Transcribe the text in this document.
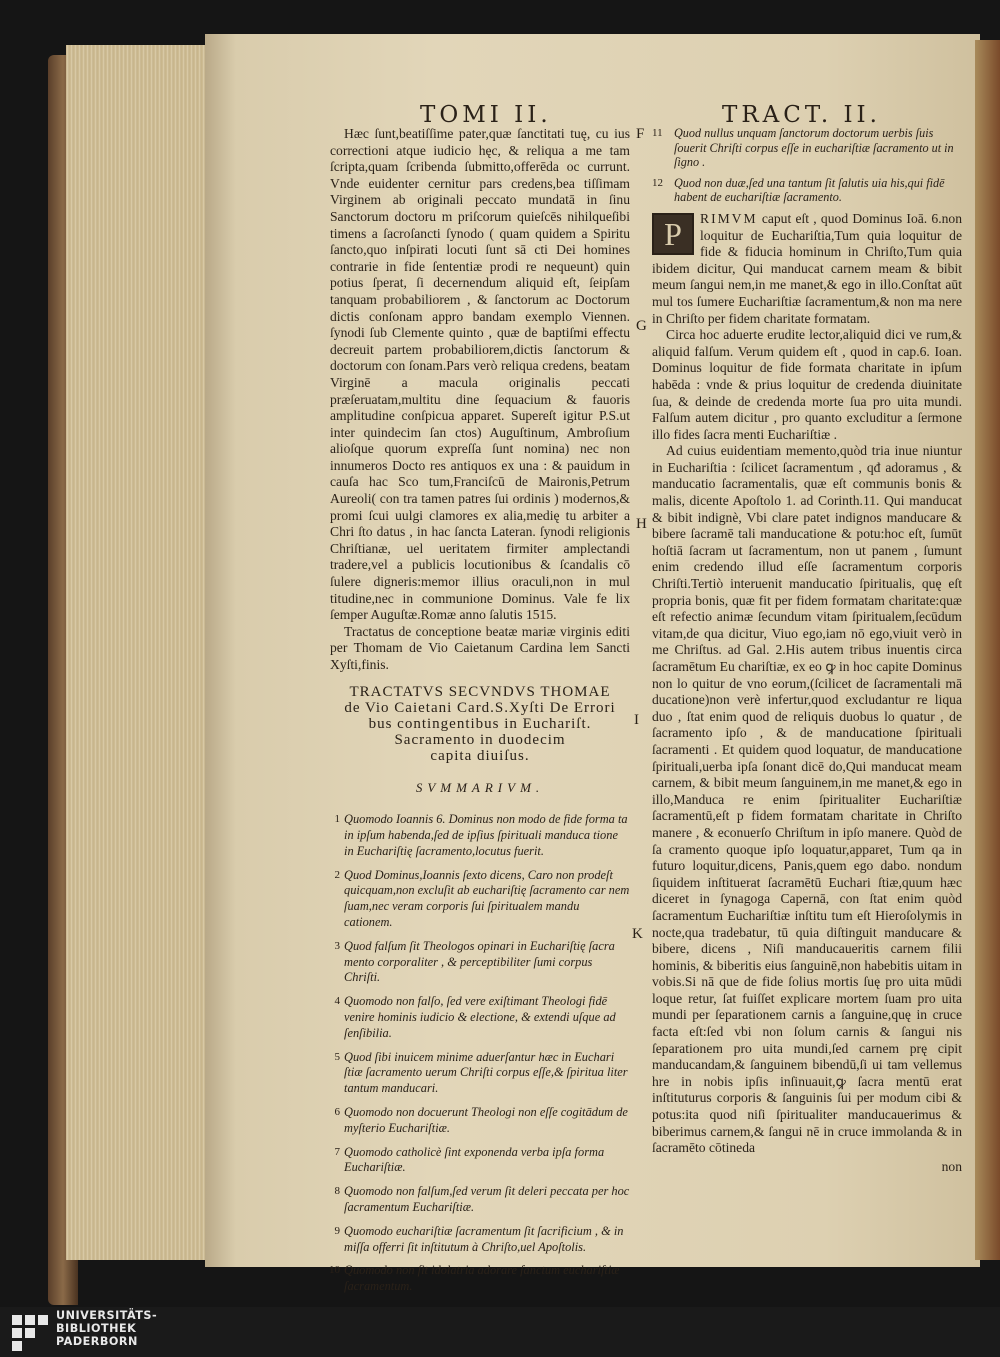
TOMI II.	TRACT. II.
F
G
H
I
K

Hæc ſunt,beatiſſime pater,quæ ſanctitati tuę, cu ius correctioni atque iudicio hęc, & reliqua a me tam ſcripta,quam ſcribenda ſubmitto,offerēda oc currunt. Vnde euidenter cernitur pars credens,bea tiſſimam Virginem ab originali peccato mundatā in ſinu Sanctorum doctoru m priſcorum quieſcēs nihilqueſibi timens a ſacroſancti ſynodo ( quam quidem a Spiritu ſancto,quo inſpirati locuti ſunt sā cti Dei homines contrarie in fide ſententiæ prodi re nequeunt) quin potius ſperat, ſi decernendum aliquid eſt, ſeipſam tanquam probabiliorem , & ſanctorum ac Doctorum dictis conſonam appro bandam exemplo Viennen. ſynodi ſub Clemente quinto , quæ de baptiſmi effectu decreuit partem probabiliorem,dictis ſanctorum & doctorum con ſonam.Pars verò reliqua credens, beatam Virginē a macula originalis peccati præſeruatam,multitu dine ſequacium & fauoris amplitudine conſpicua apparet. Supereſt igitur P.S.ut inter quindecim ſan ctos) Auguſtinum, Ambroſium alioſque quorum expreſſa ſunt nomina) nec non innumeros Docto res antiquos ex una : & pauidum in cauſa hac Sco tum,Franciſcū de Maironis,Petrum Aureoli( con tra tamen patres ſui ordinis ) modernos,& promi ſcui uulgi clamores ex alia,medię tu arbiter a Chri ſto datus , in hac ſancta Lateran. ſynodi religionis Chriſtianæ, uel ueritatem firmiter amplectandi tradere,vel a publicis locutionibus & ſcandalis cō ſulere digneris:memor illius oraculi,non in mul titudine,nec in communione Dominus. Vale fe lix ſemper Auguſtæ.Romæ anno ſalutis 1515.

Tractatus de conceptione beatæ mariæ virginis editi per Thomam de Vio Caietanum Cardina lem Sancti Xyſti,finis.

TRACTATVS SECVNDVS THOMAE
de Vio Caietani Card.S.Xyſti De Errori
bus contingentibus in Euchariſt.
Sacramento in duodecim
capita diuiſus.
SVMMARIVM.
1 Quomodo Ioannis 6. Dominus non modo de fide forma ta in ipſum habenda,ſed de ipſius ſpirituali manduca tione in Euchariſtię ſacramento,locutus fuerit.
2 Quod Dominus,Ioannis ſexto dicens, Caro non prodeſt quicquam,non excluſit ab euchariſtię ſacramento car nem ſuam,nec veram corporis ſui ſpiritualem mandu cationem.
3 Quod falſum ſit Theologos opinari in Euchariſtię ſacra mento corporaliter , & perceptibiliter ſumi corpus Chriſti.
4 Quomodo non falſo, ſed vere exiſtimant Theologi fidē venire hominis iudicio & electione, & extendi uſque ad ſenſibilia.
5 Quod ſibi inuicem minime aduerſantur hæc in Euchari ſtiæ ſacramento uerum Chriſti corpus eſſe,& ſpiritua liter tantum manducari.
6 Quomodo non docuerunt Theologi non eſſe cogitādum de myſterio Euchariſtiæ.
7 Quomodo catholicè ſint exponenda verba ipſa forma Euchariſtiæ.
8 Quomodo non falſum,ſed verum ſit deleri peccata per hoc ſacramentum Euchariſtiæ.
9 Quomodo euchariſtiæ ſacramentum ſit ſacrificium , & in miſſa offerri ſit inſtitutum à Chriſto,uel Apoſtolis.
10 Quomodo non ſit idolatria adorare ſanctum euchariſtiæ ſacramentum.
11 Quod nullus unquam ſanctorum doctorum uerbis ſuis ſouerit Chriſti corpus eſſe in euchariſtiæ ſacramento ut in ſigno .
12 Quod non duæ,ſed una tantum ſit ſalutis uia his,qui fidē habent de euchariſtiæ ſacramento.

P	RIMVM caput eſt , quod Dominus Ioā. 6.non loquitur de Euchariſtia,Tum quia loquitur de fide & fiducia hominum in Chriſto,Tum quia ibidem dicitur, Qui manducat carnem meam & bibit meum ſangui nem,in me manet,& ego in illo.Conſtat aūt mul tos ſumere Euchariſtiæ ſacramentum,& non ma nere in Chriſto per fidem charitate formatam.

Circa hoc aduerte erudite lector,aliquid dici ve rum,& aliquid falſum. Verum quidem eſt , quod in cap.6. Ioan. Dominus loquitur de fide formata charitate in ipſum habēda : vnde & prius loquitur de credenda diuinitate ſua, & deinde de credenda morte ſua pro uita mundi. Falſum autem dicitur , pro quanto excluditur a ſermone illo fides ſacra menti Euchariſtiæ .

Ad cuius euidentiam memento,quòd tria inue niuntur in Euchariſtia : ſcilicet ſacramentum , qđ adoramus , & manducatio ſacramentalis, quæ eſt communis bonis & malis, dicente Apoſtolo 1. ad Corinth.11. Qui manducat & bibit indignè, Vbi clare patet indignos manducare & bibere ſacramē tali manducatione & potu:hoc eſt, ſumūt hoſtiā ſacram ut ſacramentum, non ut panem , ſumunt enim credendo illud eſſe ſacramentum corporis Chriſti.Tertiò interuenit manducatio ſpiritualis, quę eſt propria bonis, quæ fit per fidem formatam charitate:quæ eſt refectio animæ ſecundum vitam ſpiritualem,ſecūdum vitam,de qua dicitur, Viuo ego,iam nō ego,viuit verò in me Chriſtus. ad Gal. 2.His autem tribus inuentis circa ſacramētum Eu chariſtiæ, ex eo ꝙ in hoc capite Dominus non lo quitur de vno eorum,(ſcilicet de ſacramentali mā ducatione)non verè infertur,quod excludantur re liqua duo , ſtat enim quod de reliquis duobus lo quatur , de ſacramento ipſo , & de manducatione ſpirituali ſacramenti . Et quidem quod loquatur, de manducatione ſpirituali,uerba ipſa ſonant dicē do,Qui manducat meam carnem, & bibit meum ſanguinem,in me manet,& ego in illo,Manduca re enim ſpiritualiter Euchariſtiæ ſacramentū,eſt p fidem formatam charitate in Chriſto manere , & econuerſo Chriſtum in ipſo manere. Quòd de ſa cramento quoque ipſo loquatur,apparet, Tum qa in futuro loquitur,dicens, Panis,quem ego dabo. nondum ſiquidem inſtituerat ſacramētū Euchari ſtiæ,quum hæc diceret in ſynagoga Capernā, con ſtat enim quòd ſacramentum Euchariſtiæ inſtitu tum eſt Hieroſolymis in nocte,qua tradebatur, tū quia diſtinguit manducare & bibere, dicens , Niſi manducaueritis carnem filii hominis, & biberitis eius ſanguinē,non habebitis uitam in vobis.Si nā que de fide ſolius mortis ſuę pro uita mūdi loque retur, ſat fuiſſet explicare mortem ſuam pro uita mundi per ſeparationem carnis a ſanguine,quę in cruce facta eſt:ſed vbi non ſolum carnis & ſangui nis ſeparationem pro uita mundi,ſed carnem prę cipit manducandam,& ſanguinem bibendū,ſi ui tam vellemus hre in nobis ipſis inſinuauit,ꝙ ſacra mentū erat inſtituturus corporis & ſanguinis ſui per modum cibi & potus:ita quod niſi ſpiritualiter manducauerimus & biberimus carnem,& ſangui nē in cruce immolanda & in ſacramēto cōtineda

non
UNIVERSITÄTS-
BIBLIOTHEK
PADERBORN
